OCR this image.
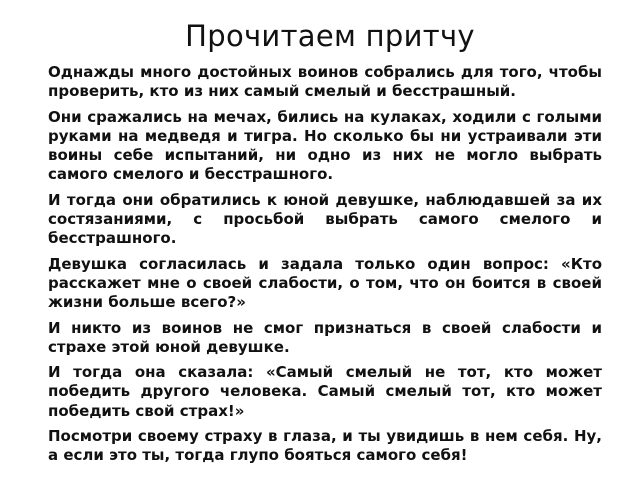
Прочитаем притчу

Однажды много достойных воинов собрались для того, чтобы проверить, кто из них самый смелый и бесстрашный.

Они сражались на мечах, бились на кулаках, ходили с голыми руками на медведя и тигра. Но сколько бы ни устраивали эти воины себе испытаний, ни одно из них не могло выбрать самого смелого и бесстрашного.

И тогда они обратились к юной девушке, наблюдавшей за их состязаниями, с просьбой выбрать самого смелого и бесстрашного.

Девушка согласилась и задала только один вопрос: «Кто расскажет мне о своей слабости, о том, что он боится в своей жизни больше всего?»

И никто из воинов не смог признаться в своей слабости и страхе этой юной девушке.

И тогда она сказала: «Самый смелый не тот, кто может победить другого человека. Самый смелый тот, кто может победить свой страх!»

Посмотри своему страху в глаза, и ты увидишь в нем себя. Ну, а если это ты, тогда глупо бояться самого себя!
